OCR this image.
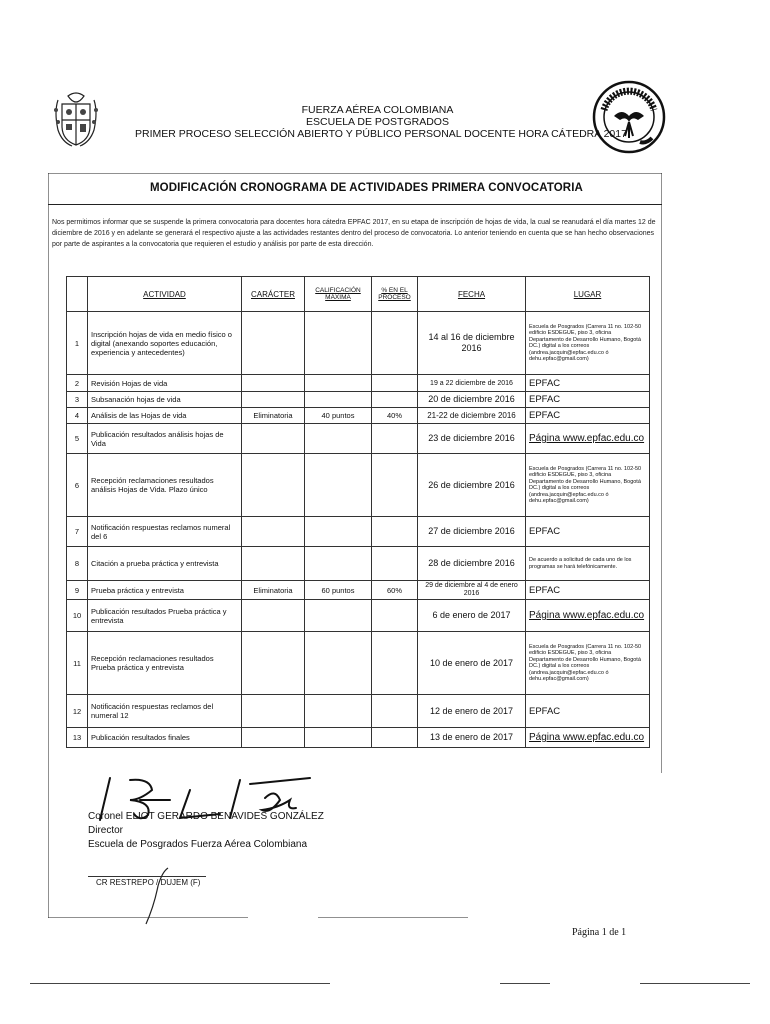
FUERZA AÉREA COLOMBIANA
ESCUELA DE POSTGRADOS
PRIMER PROCESO SELECCIÓN ABIERTO Y PÚBLICO PERSONAL DOCENTE HORA CÁTEDRA 2017
MODIFICACIÓN CRONOGRAMA DE ACTIVIDADES PRIMERA CONVOCATORIA
Nos permitimos informar que se suspende la primera convocatoria para docentes hora cátedra EPFAC 2017, en su etapa de inscripción de hojas de vida, la cual se reanudará el día martes 12 de diciembre de 2016 y en adelante se generará el respectivo ajuste a las actividades restantes dentro del proceso de convocatoria. Lo anterior teniendo en cuenta que se han hecho observaciones por parte de aspirantes a la convocatoria que requieren el estudio y análisis por parte de esta dirección.
	ACTIVIDAD	CARÁCTER	CALIFICACIÓN MÁXIMA	% EN EL PROCESO	FECHA	LUGAR
1	Inscripción hojas de vida en medio físico o digital (anexando soportes educación, experiencia y antecedentes)				14 al 16 de diciembre 2016	Escuela de Posgrados (Carrera 11 no. 102-50 edificio ESDEGUE, piso 3, oficina Departamento de Desarrollo Humano, Bogotá DC.) digital a los correos (andrea.jacquin@epfac.edu.co ó dehu.epfac@gmail.com)
2	Revisión Hojas de vida				19 a 22 diciembre de 2016	EPFAC
3	Subsanación hojas de vida				20 de diciembre 2016	EPFAC
4	Análisis de las Hojas de vida	Eliminatoria	40 puntos	40%	21-22 de diciembre 2016	EPFAC
5	Publicación resultados análisis hojas de Vida				23 de diciembre 2016	Página www.epfac.edu.co
6	Recepción reclamaciones resultados análisis Hojas de Vida. Plazo único				26 de diciembre 2016	Escuela de Posgrados (Carrera 11 no. 102-50 edificio ESDEGUE, piso 3, oficina Departamento de Desarrollo Humano, Bogotá DC.) digital a los correos (andrea.jacquin@epfac.edu.co ó dehu.epfac@gmail.com)
7	Notificación respuestas reclamos numeral del 6				27 de diciembre 2016	EPFAC
8	Citación a prueba práctica y entrevista				28 de diciembre 2016	De acuerdo a solicitud de cada uno de los programas se hará telefónicamente.
9	Prueba práctica y entrevista	Eliminatoria	60 puntos	60%	29 de diciembre al 4 de enero 2016	EPFAC
10	Publicación resultados Prueba práctica y entrevista				6 de enero de 2017	Página www.epfac.edu.co
11	Recepción reclamaciones resultados Prueba práctica y entrevista				10 de enero de 2017	Escuela de Posgrados (Carrera 11 no. 102-50 edificio ESDEGUE, piso 3, oficina Departamento de Desarrollo Humano, Bogotá DC.) digital a los correos (andrea.jacquin@epfac.edu.co ó dehu.epfac@gmail.com)
12	Notificación respuestas reclamos del numeral 12				12 de enero de 2017	EPFAC
13	Publicación resultados finales				13 de enero de 2017	Página www.epfac.edu.co
Coronel ELIOT GERARDO BENAVIDES GONZÁLEZ
Director
Escuela de Posgrados Fuerza Aérea Colombiana
CR RESTREPO / DUJEM (F)
Página 1 de 1
